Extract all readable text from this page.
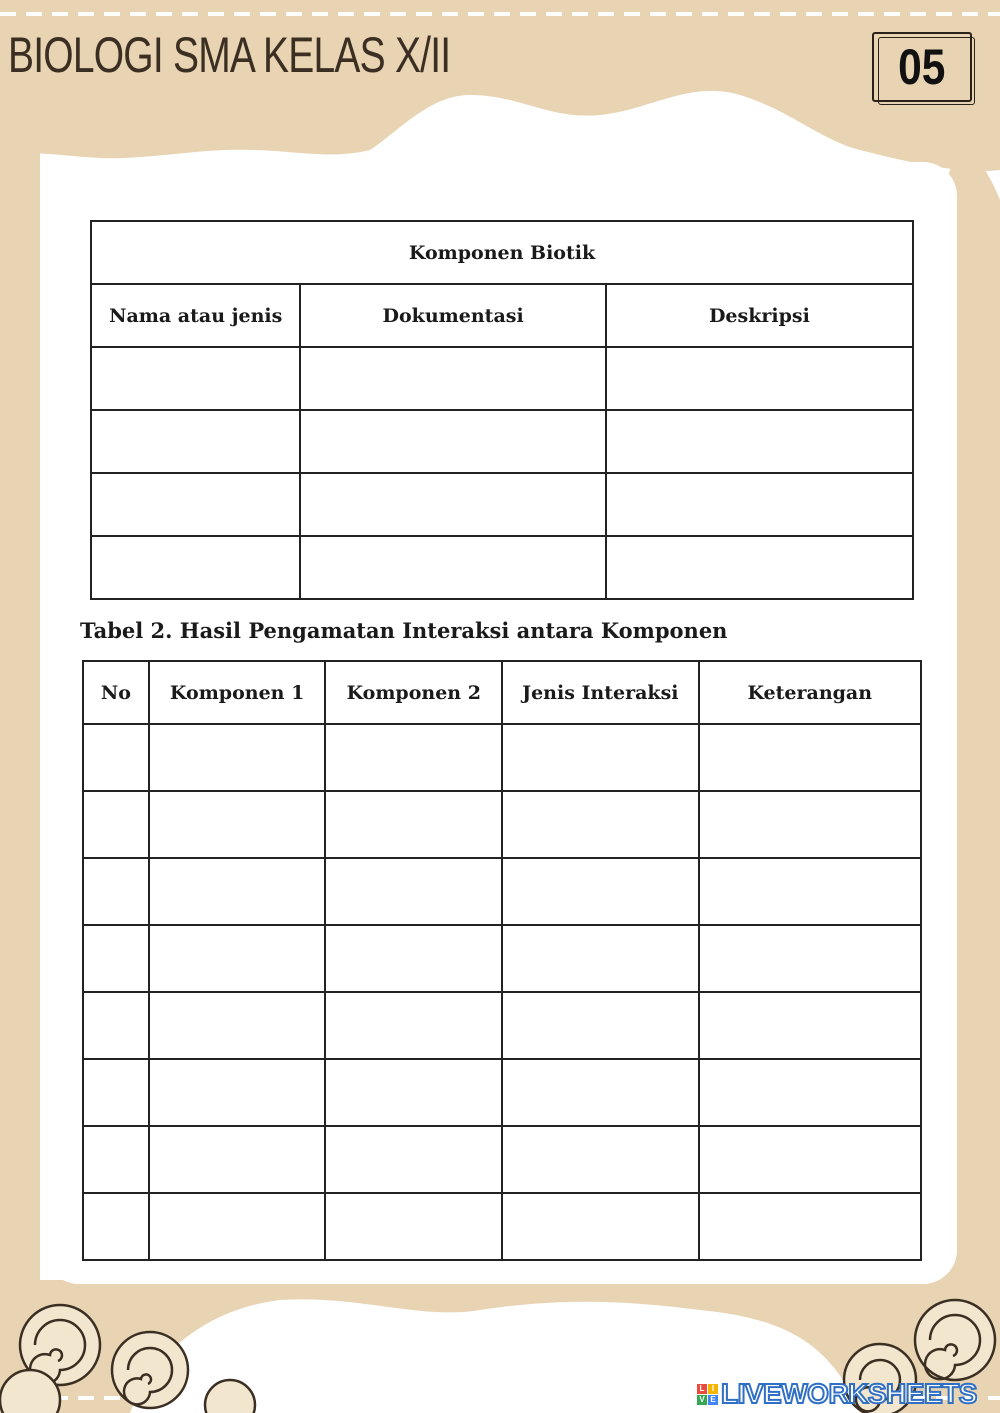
BIOLOGI SMA KELAS X/II	05
Komponen Biotik		
Nama atau jenis	Dokumentasi	Deskripsi

Tabel 2. Hasil Pengamatan Interaksi antara Komponen
No	Komponen 1	Komponen 2	Jenis Interaksi	Keterangan

L I
V E LIVEWORKSHEETS
